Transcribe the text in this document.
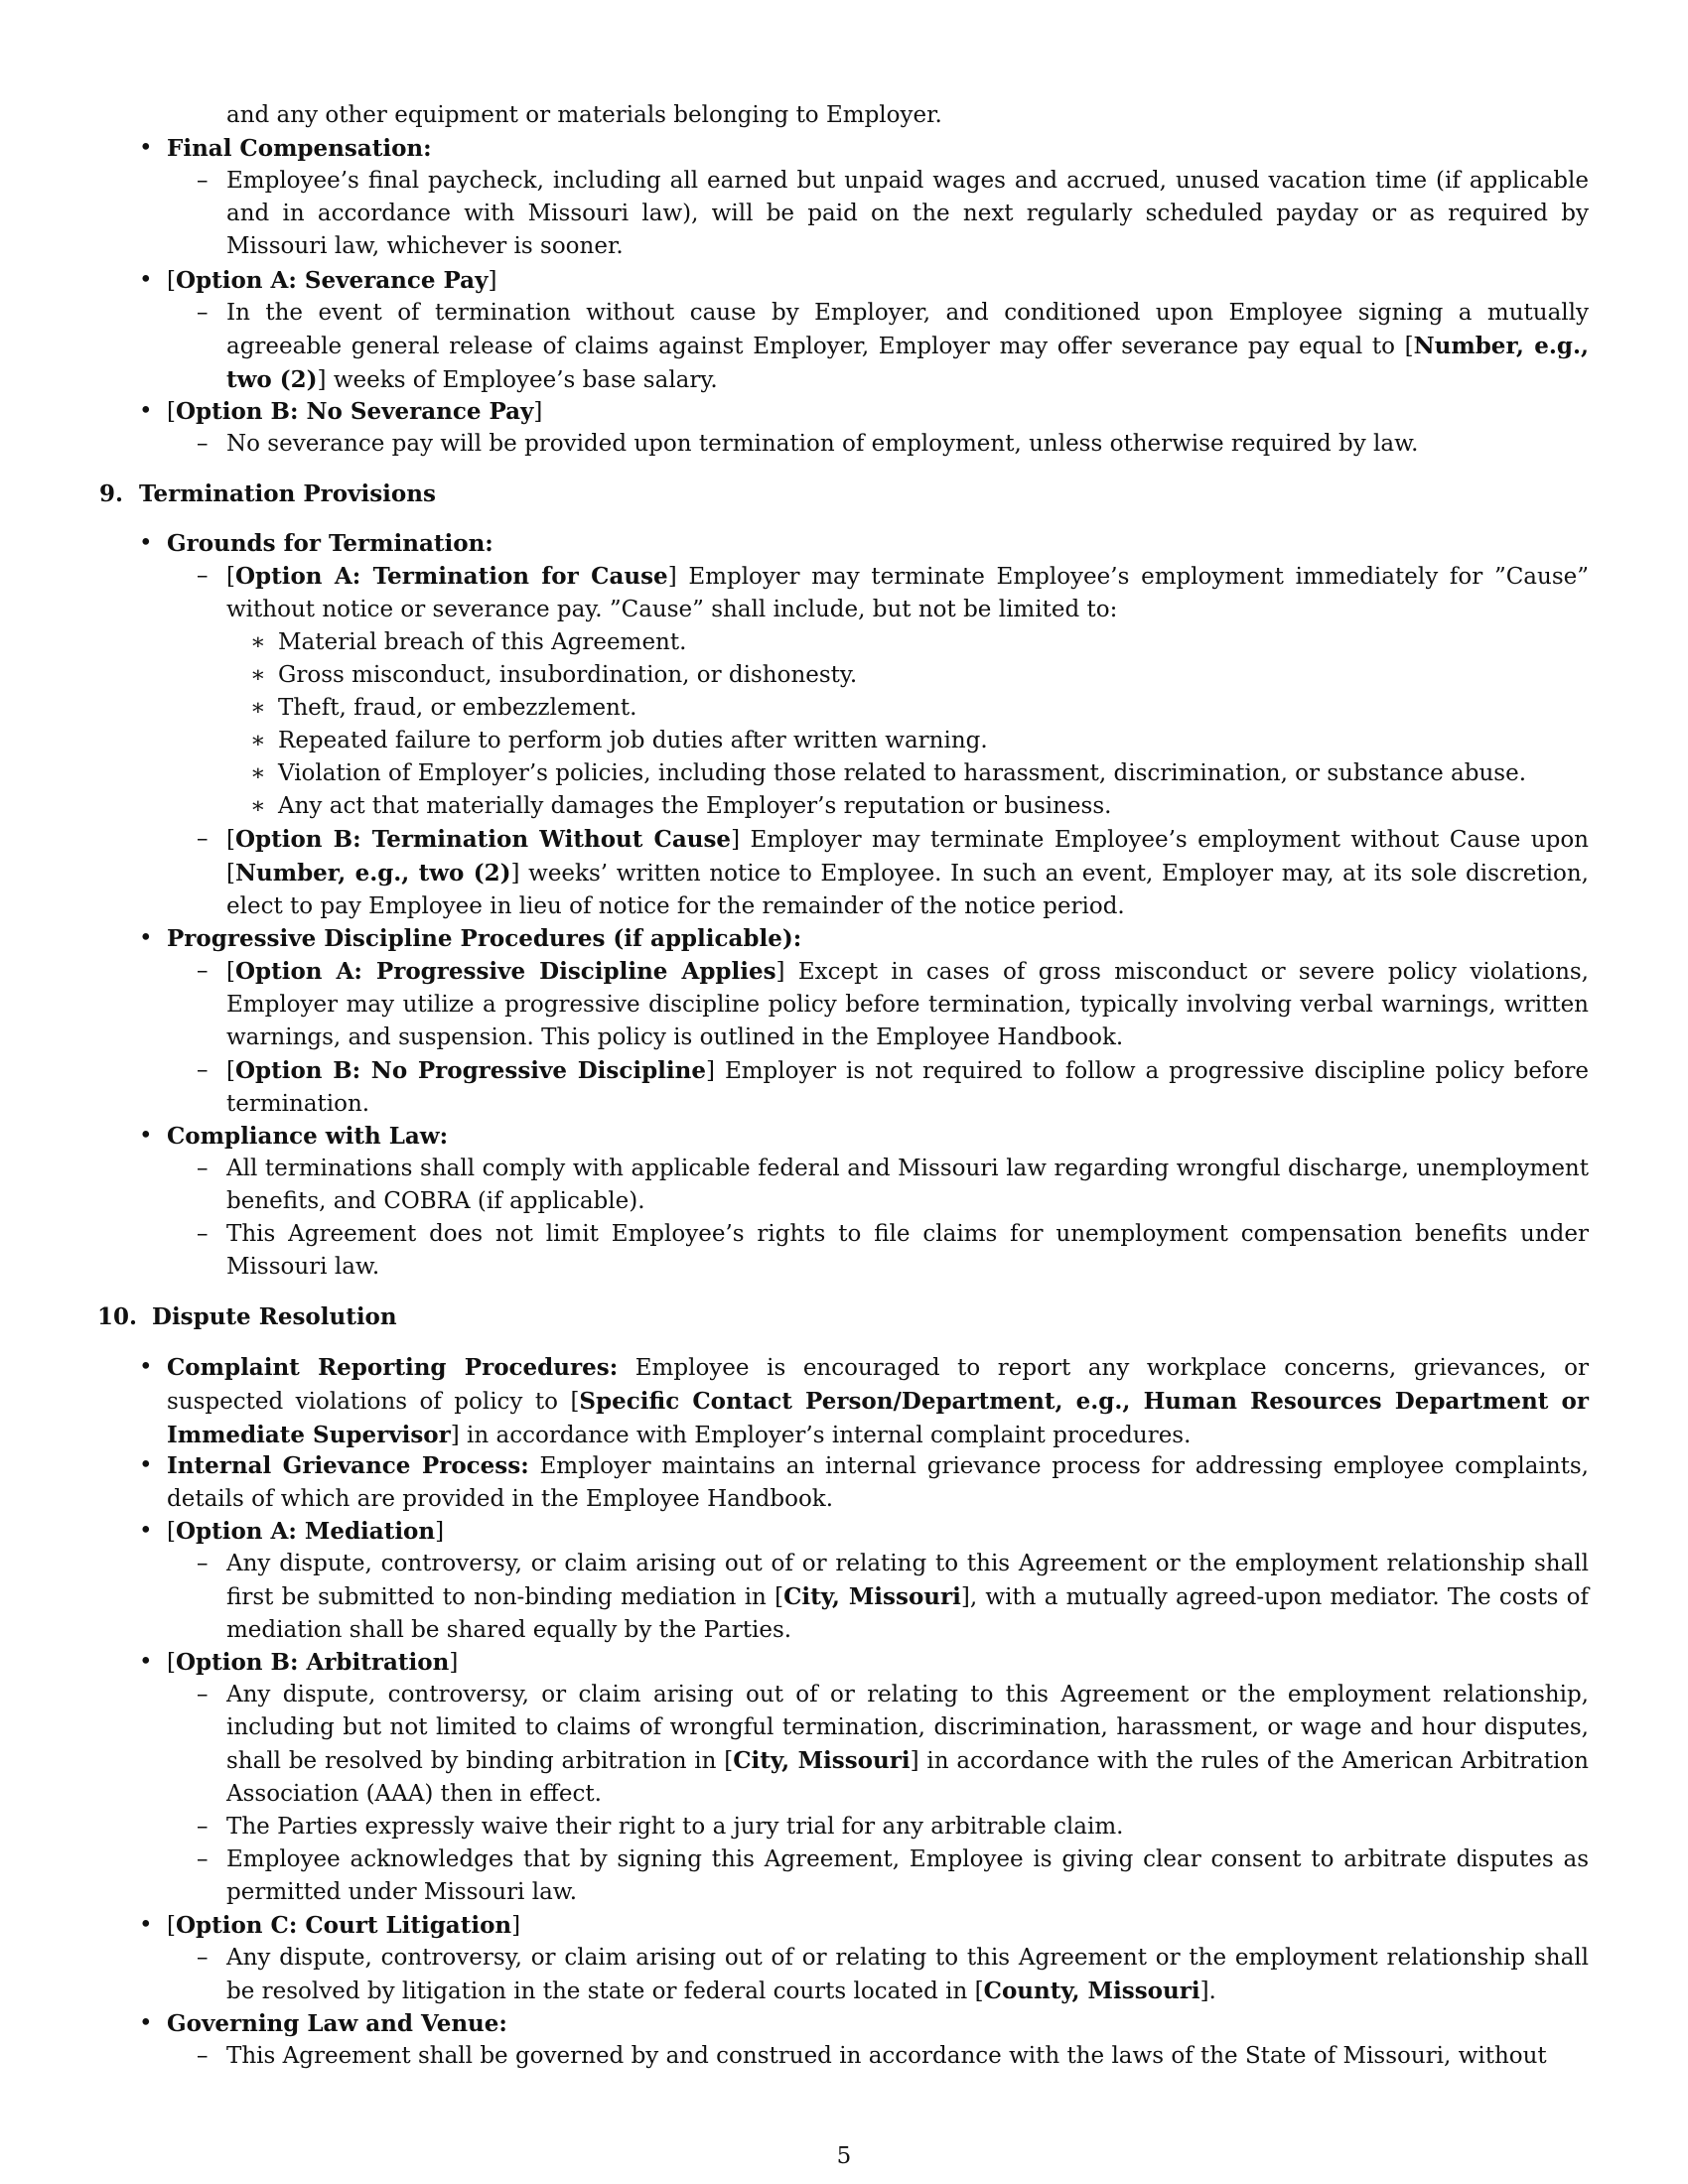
and any other equipment or materials belonging to Employer.
• Final Compensation:
– Employee’s final paycheck, including all earned but unpaid wages and accrued, unused vacation time (if applicable and in accordance with Missouri law), will be paid on the next regularly scheduled payday or as required by Missouri law, whichever is sooner.
• [Option A: Severance Pay]
– In the event of termination without cause by Employer, and conditioned upon Employee signing a mutually agreeable general release of claims against Employer, Employer may offer severance pay equal to [Number, e.g., two (2)] weeks of Employee’s base salary.
• [Option B: No Severance Pay]
– No severance pay will be provided upon termination of employment, unless otherwise required by law.
9. Termination Provisions
• Grounds for Termination:
– [Option A: Termination for Cause] Employer may terminate Employee’s employment immediately for ”Cause” without notice or severance pay. ”Cause” shall include, but not be limited to:
∗ Material breach of this Agreement.
∗ Gross misconduct, insubordination, or dishonesty.
∗ Theft, fraud, or embezzlement.
∗ Repeated failure to perform job duties after written warning.
∗ Violation of Employer’s policies, including those related to harassment, discrimination, or substance abuse.
∗ Any act that materially damages the Employer’s reputation or business.
– [Option B: Termination Without Cause] Employer may terminate Employee’s employment without Cause upon [Number, e.g., two (2)] weeks’ written notice to Employee. In such an event, Employer may, at its sole discretion, elect to pay Employee in lieu of notice for the remainder of the notice period.
• Progressive Discipline Procedures (if applicable):
– [Option A: Progressive Discipline Applies] Except in cases of gross misconduct or severe policy violations, Employer may utilize a progressive discipline policy before termination, typically involving verbal warnings, written warnings, and suspension. This policy is outlined in the Employee Handbook.
– [Option B: No Progressive Discipline] Employer is not required to follow a progressive discipline policy before termination.
• Compliance with Law:
– All terminations shall comply with applicable federal and Missouri law regarding wrongful discharge, unemployment benefits, and COBRA (if applicable).
– This Agreement does not limit Employee’s rights to file claims for unemployment compensation benefits under Missouri law.
10. Dispute Resolution
• Complaint Reporting Procedures: Employee is encouraged to report any workplace concerns, grievances, or suspected violations of policy to [Specific Contact Person/Department, e.g., Human Resources Department or Immediate Supervisor] in accordance with Employer’s internal complaint procedures.
• Internal Grievance Process: Employer maintains an internal grievance process for addressing employee complaints, details of which are provided in the Employee Handbook.
• [Option A: Mediation]
– Any dispute, controversy, or claim arising out of or relating to this Agreement or the employment relationship shall first be submitted to non-binding mediation in [City, Missouri], with a mutually agreed-upon mediator. The costs of mediation shall be shared equally by the Parties.
• [Option B: Arbitration]
– Any dispute, controversy, or claim arising out of or relating to this Agreement or the employment relationship, including but not limited to claims of wrongful termination, discrimination, harassment, or wage and hour disputes, shall be resolved by binding arbitration in [City, Missouri] in accordance with the rules of the American Arbitration Association (AAA) then in effect.
– The Parties expressly waive their right to a jury trial for any arbitrable claim.
– Employee acknowledges that by signing this Agreement, Employee is giving clear consent to arbitrate disputes as permitted under Missouri law.
• [Option C: Court Litigation]
– Any dispute, controversy, or claim arising out of or relating to this Agreement or the employment relationship shall be resolved by litigation in the state or federal courts located in [County, Missouri].
• Governing Law and Venue:
– This Agreement shall be governed by and construed in accordance with the laws of the State of Missouri, without
5
